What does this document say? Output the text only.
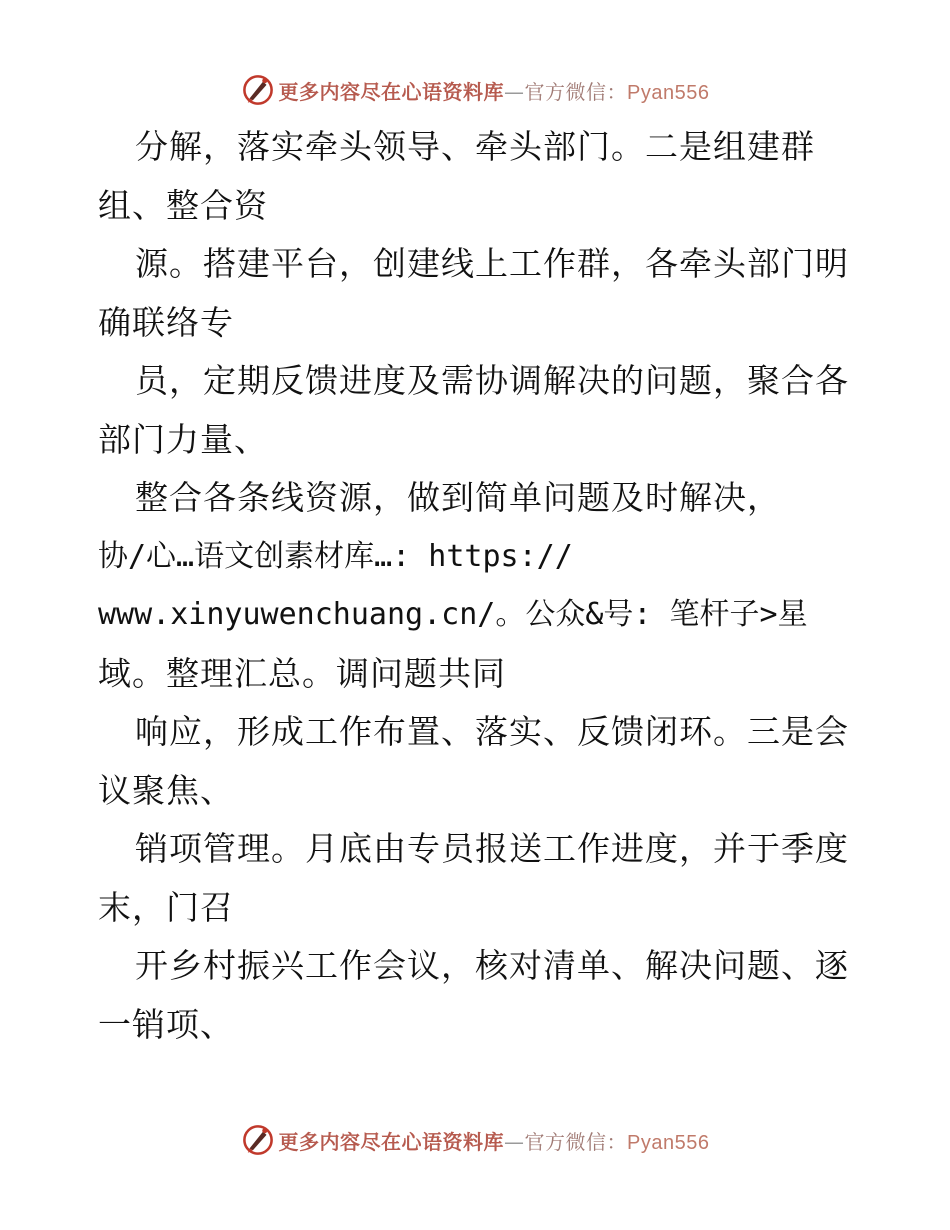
更多内容尽在心语资料库—官方微信：Pyan556
分解，落实牵头领导、牵头部门。二是组建群
组、整合资
源。搭建平台，创建线上工作群，各牵头部门明
确联络专
员，定期反馈进度及需协调解决的问题，聚合各
部门力量、
整合各条线资源，做到简单问题及时解决，
协/心…语文创素材库…: https://
www.xinyuwenchuang.cn/。公众&号: 笔杆子>星
域。整理汇总。调问题共同
响应，形成工作布置、落实、反馈闭环。三是会
议聚焦、
销项管理。月底由专员报送工作进度，并于季度
末，门召
开乡村振兴工作会议，核对清单、解决问题、逐
一销项、
更多内容尽在心语资料库—官方微信：Pyan556
